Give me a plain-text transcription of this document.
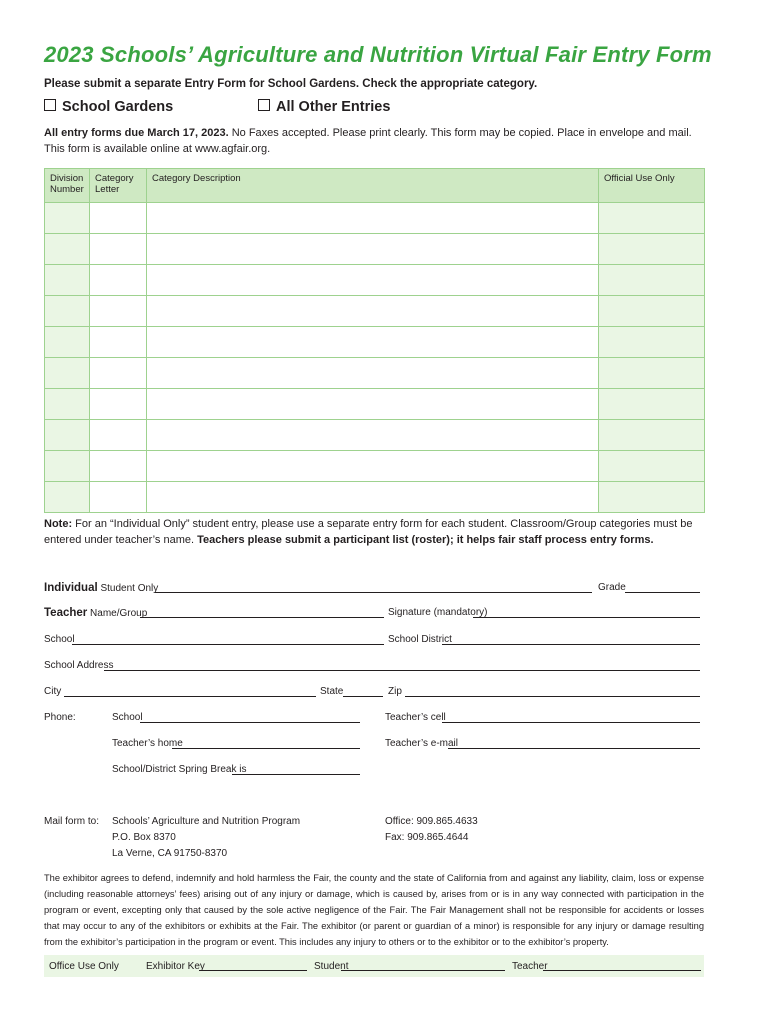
2023 Schools’ Agriculture and Nutrition Virtual Fair Entry Form
Please submit a separate Entry Form for School Gardens. Check the appropriate category.
School Gardens	All Other Entries
All entry forms due March 17, 2023. No Faxes accepted. Please print clearly. This form may be copied. Place in envelope and mail. This form is available online at www.agfair.org.
Division Number	Category Letter	Category Description	Official Use Only

Note: For an “Individual Only” student entry, please use a separate entry form for each student. Classroom/Group categories must be entered under teacher’s name. Teachers please submit a participant list (roster); it helps fair staff process entry forms.
Individual Student Only	Grade
Teacher Name/Group	Signature (mandatory)
School	School District
School Address
City	State	Zip
Phone:	School	Teacher’s cell
Teacher’s home	Teacher’s e-mail
School/District Spring Break is
Mail form to: Schools’ Agriculture and Nutrition Program
P.O. Box 8370
La Verne, CA 91750-8370
Office: 909.865.4633
Fax: 909.865.4644
The exhibitor agrees to defend, indemnify and hold harmless the Fair, the county and the state of California from and against any liability, claim, loss or expense (including reasonable attorneys’ fees) arising out of any injury or damage, which is caused by, arises from or is in any way connected with participation in the program or event, excepting only that caused by the sole active negligence of the Fair. The Fair Management shall not be responsible for accidents or losses that may occur to any of the exhibitors or exhibits at the Fair. The exhibitor (or parent or guardian of a minor) is responsible for any injury or damage resulting from the exhibitor’s participation in the program or event. This includes any injury to others or to the exhibitor or to the exhibitor’s property.
Office Use Only	Exhibitor Key	Student	Teacher
